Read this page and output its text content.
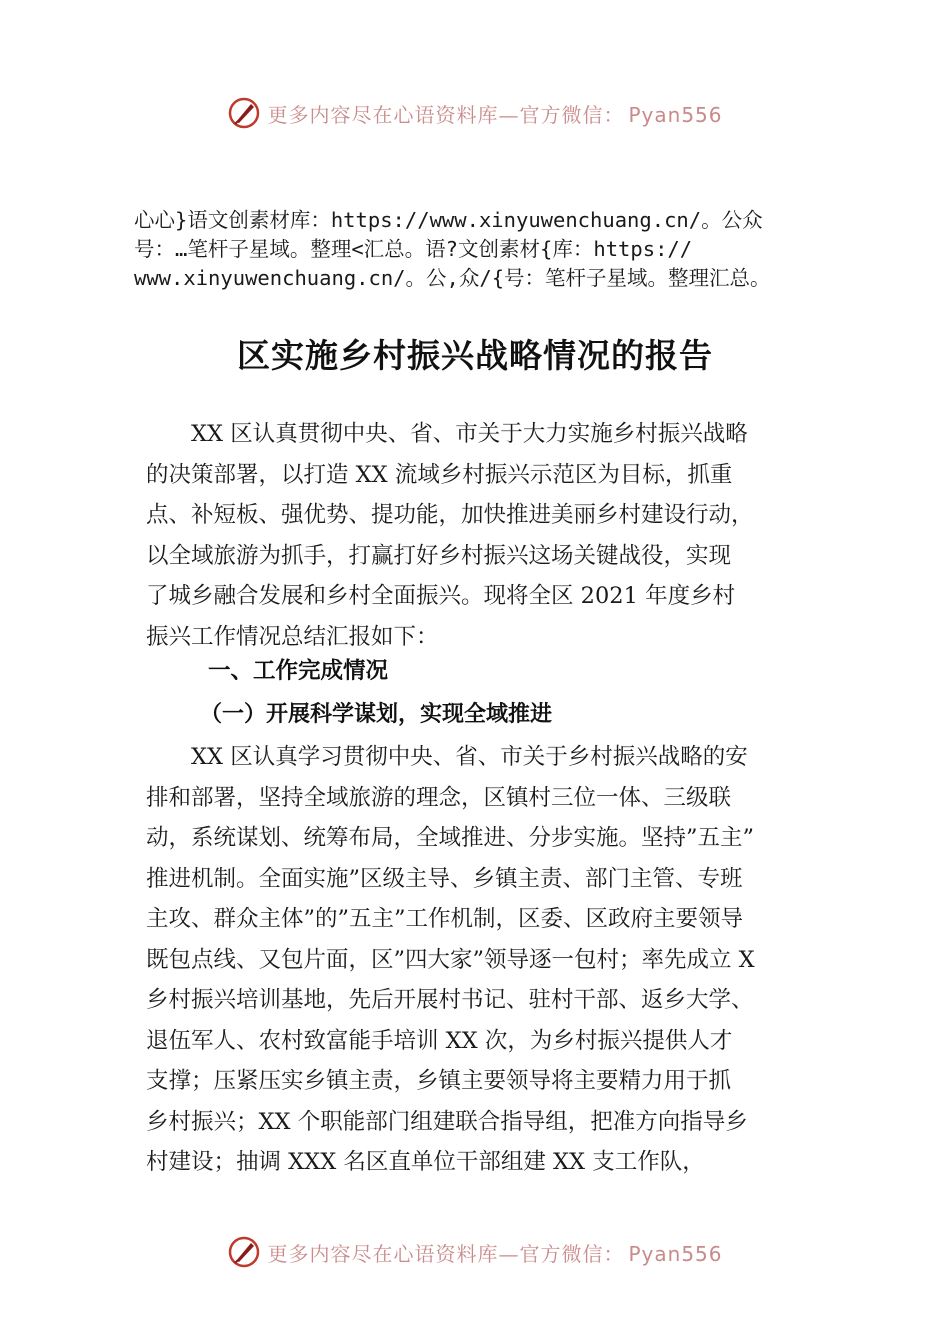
更多内容尽在心语资料库—官方微信： Pyan556
心心}语文创素材库：https://www.xinyuwenchuang.cn/。公众
号：…笔杆子星域。整理<汇总。语?文创素材{库：https://
www.xinyuwenchuang.cn/。公,众/{号：笔杆子星域。整理汇总。
区实施乡村振兴战略情况的报告
　　XX 区认真贯彻中央、省、市关于大力实施乡村振兴战略
的决策部署，以打造 XX 流域乡村振兴示范区为目标，抓重
点、补短板、强优势、提功能，加快推进美丽乡村建设行动，
以全域旅游为抓手，打赢打好乡村振兴这场关键战役，实现
了城乡融合发展和乡村全面振兴。现将全区 2021 年度乡村
振兴工作情况总结汇报如下：
一、工作完成情况
（一）开展科学谋划，实现全域推进
　　XX 区认真学习贯彻中央、省、市关于乡村振兴战略的安
排和部署，坚持全域旅游的理念，区镇村三位一体、三级联
动，系统谋划、统筹布局，全域推进、分步实施。坚持”五主”
推进机制。全面实施”区级主导、乡镇主责、部门主管、专班
主攻、群众主体”的”五主”工作机制，区委、区政府主要领导
既包点线、又包片面，区”四大家”领导逐一包村；率先成立 X
乡村振兴培训基地，先后开展村书记、驻村干部、返乡大学、
退伍军人、农村致富能手培训 XX 次，为乡村振兴提供人才
支撑；压紧压实乡镇主责，乡镇主要领导将主要精力用于抓
乡村振兴；XX 个职能部门组建联合指导组，把准方向指导乡
村建设；抽调 XXX 名区直单位干部组建 XX 支工作队，
更多内容尽在心语资料库—官方微信： Pyan556
